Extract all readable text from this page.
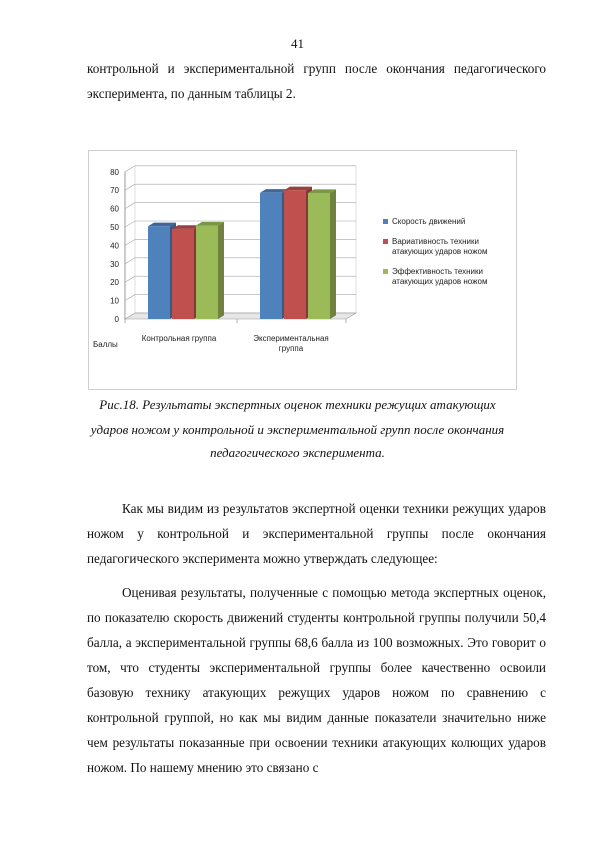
41

контрольной и экспериментальной групп после окончания педагогического эксперимента, по данным таблицы 2.

0
10
20
30
40
50
60
70
80
Баллы
Контрольная группа	Экспериментальная
группа
Скорость движений
Вариативность техники
атакующих ударов ножом
Эффективность техники
атакующих ударов ножом

Рис.18. Результаты экспертных оценок техники режущих атакующих

ударов ножом у контрольной и экспериментальной групп после окончания

педагогического эксперимента.

Как мы видим из результатов экспертной оценки техники режущих ударов ножом у контрольной и экспериментальной группы после окончания педагогического эксперимента можно утверждать следующее:

Оценивая результаты, полученные с помощью метода экспертных оценок, по показателю скорость движений студенты контрольной группы получили 50,4 балла, а экспериментальной группы 68,6 балла из 100 возможных. Это говорит о том, что студенты экспериментальной группы более качественно освоили базовую технику атакующих режущих ударов ножом по сравнению с контрольной группой, но как мы видим данные показатели значительно ниже чем результаты показанные при освоении техники атакующих колющих ударов ножом. По нашему мнению это связано с
